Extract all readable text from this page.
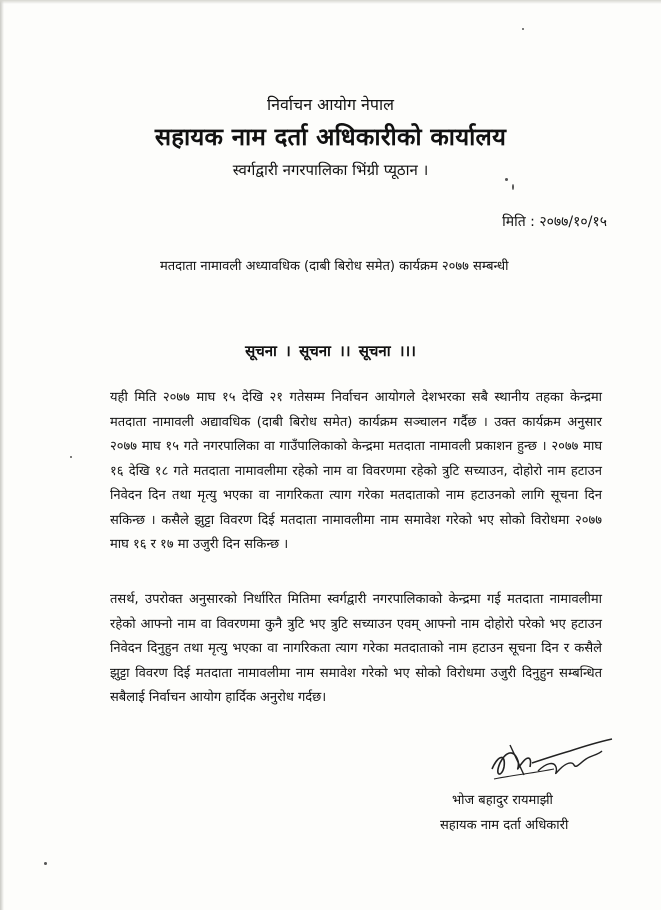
निर्वाचन आयोग नेपाल
सहायक नाम दर्ता अधिकारीको कार्यालय
स्वर्गद्वारी नगरपालिका भिंग्री प्यूठान ।
मिति : २०७७/१०/१५
मतदाता नामावली अध्यावधिक (दाबी बिरोध समेत) कार्यक्रम २०७७ सम्बन्धी
सूचना । सूचना ।। सूचना ।।।
यही मिति २०७७ माघ १५ देखि २१ गतेसम्म निर्वाचन आयोगले देशभरका सबै स्थानीय तहका केन्द्रमा मतदाता नामावली अद्यावधिक (दाबी बिरोध समेत) कार्यक्रम सञ्चालन गर्दैछ । उक्त कार्यक्रम अनुसार २०७७ माघ १५ गते नगरपालिका वा गाउँपालिकाको केन्द्रमा मतदाता नामावली प्रकाशन हुन्छ । २०७७ माघ १६ देखि १८ गते मतदाता नामावलीमा रहेको नाम वा विवरणमा रहेको त्रुटि सच्याउन, दोहोरो नाम हटाउन निवेदन दिन तथा मृत्यु भएका वा नागरिकता त्याग गरेका मतदाताको नाम हटाउनको लागि सूचना दिन सकिन्छ । कसैले झुट्टा विवरण दिई मतदाता नामावलीमा नाम समावेश गरेको भए सोको विरोधमा २०७७ माघ १६ र १७ मा उजुरी दिन सकिन्छ ।
तसर्थ, उपरोक्त अनुसारको निर्धारित मितिमा स्वर्गद्वारी नगरपालिकाको केन्द्रमा गई मतदाता नामावलीमा रहेको आफ्नो नाम वा विवरणमा कुनै त्रुटि भए त्रुटि सच्याउन एवम् आफ्नो नाम दोहोरो परेको भए हटाउन निवेदन दिनुहुन तथा मृत्यु भएका वा नागरिकता त्याग गरेका मतदाताको नाम हटाउन सूचना दिन र कसैले झुट्टा विवरण दिई मतदाता नामावलीमा नाम समावेश गरेको भए सोको विरोधमा उजुरी दिनुहुन सम्बन्धित सबैलाई निर्वाचन आयोग हार्दिक अनुरोध गर्दछ।
भोज बहादुर रायमाझी
सहायक नाम दर्ता अधिकारी
